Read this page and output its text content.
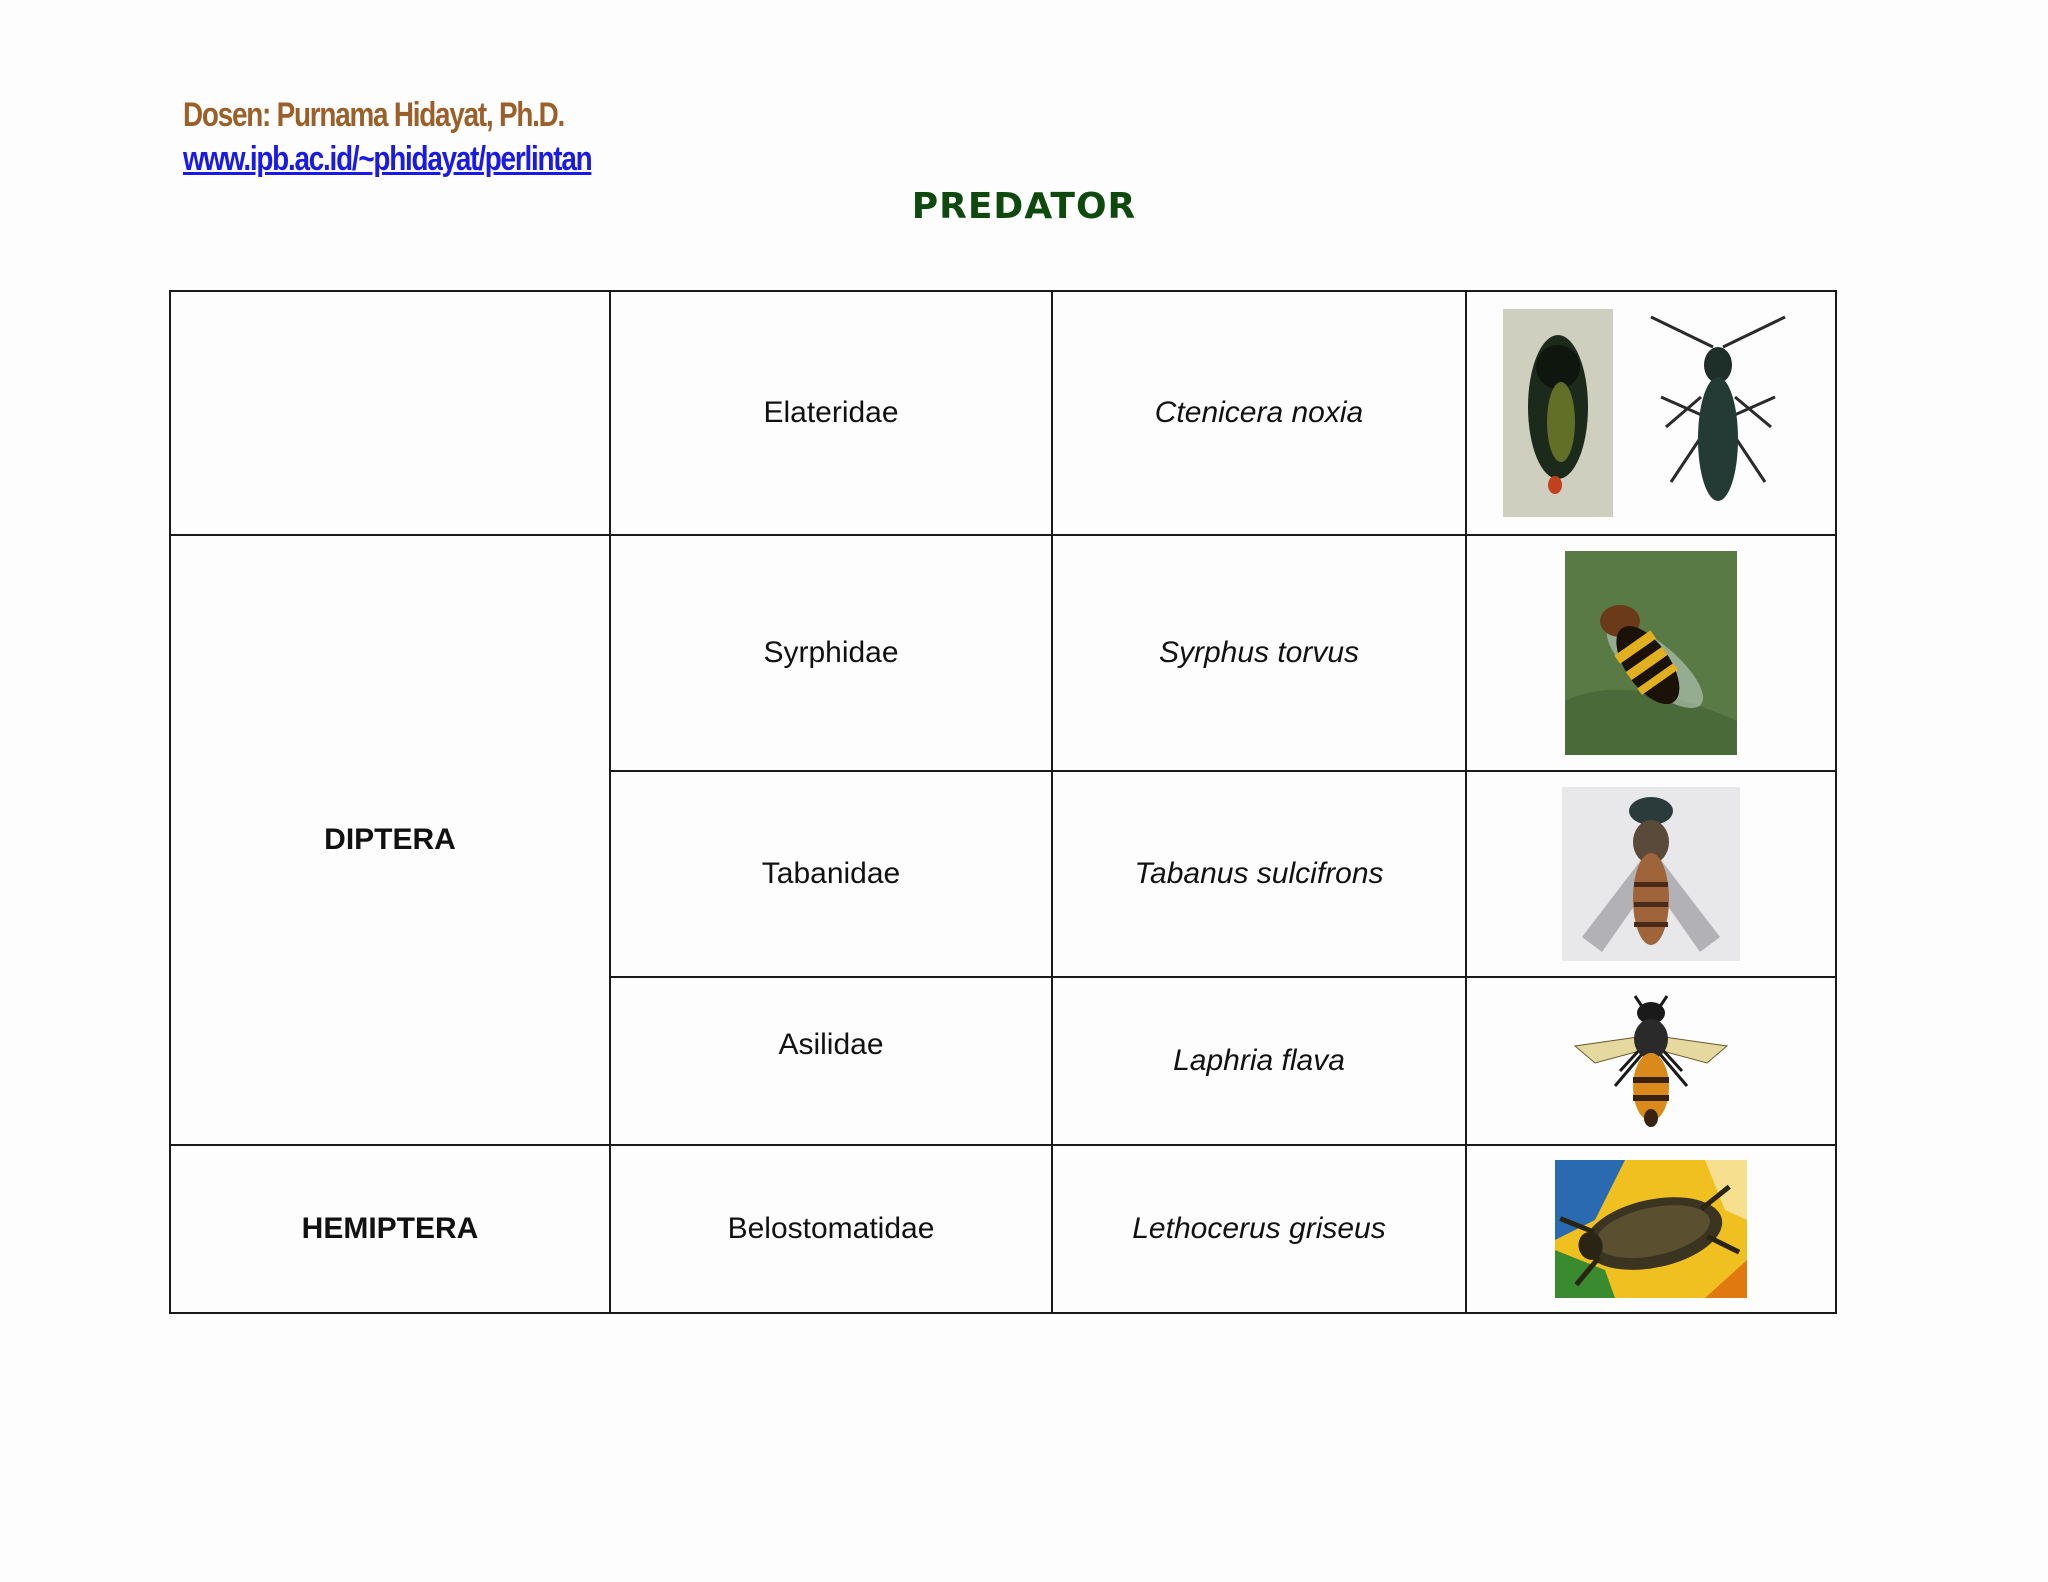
Dosen: Purnama Hidayat, Ph.D.
www.ipb.ac.id/~phidayat/perlintan
PREDATOR
	Elateridae	Ctenicera noxia	
DIPTERA	Syrphidae	Syrphus torvus	
	Tabanidae	Tabanus sulcifrons	
	Asilidae	Laphria flava	
HEMIPTERA	Belostomatidae	Lethocerus griseus	
